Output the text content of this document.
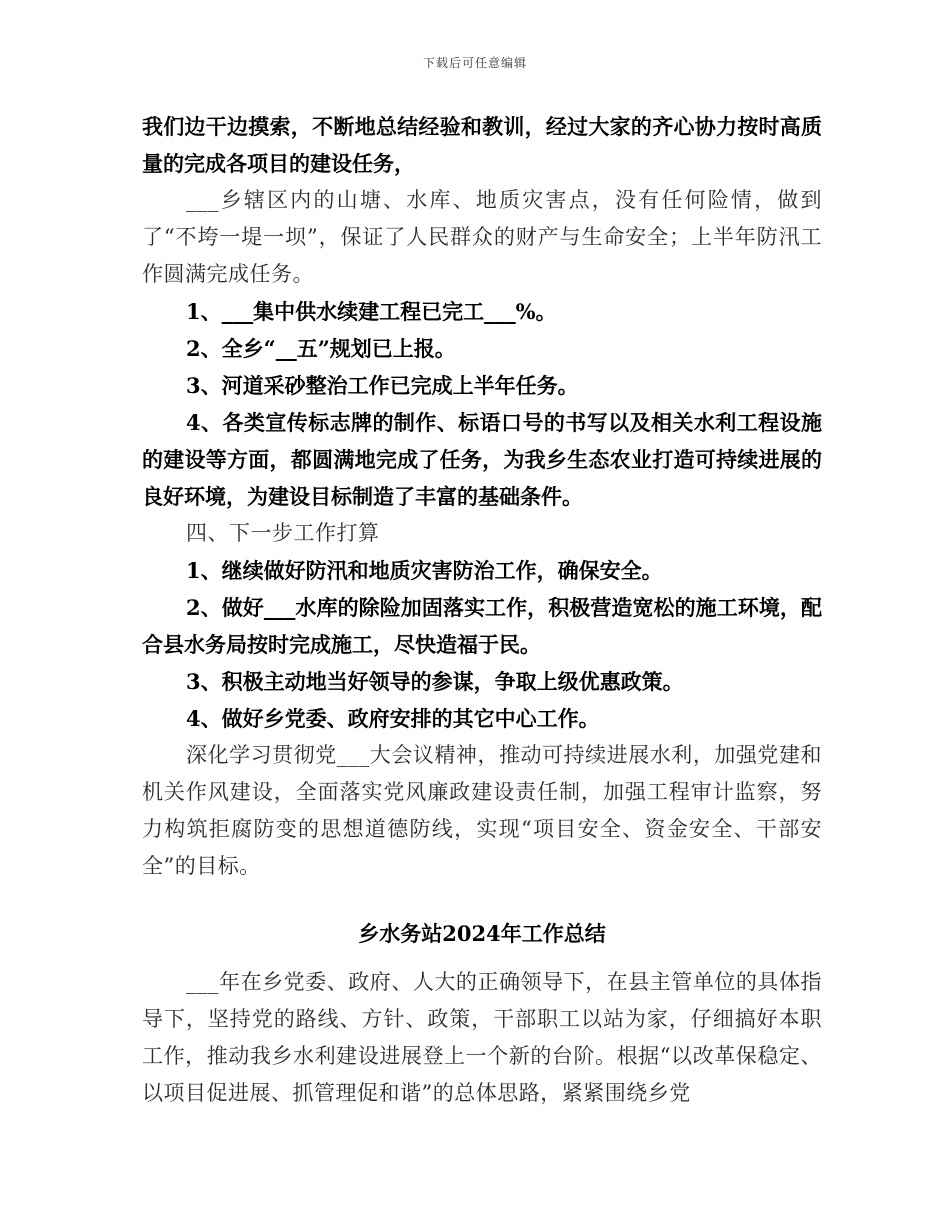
下载后可任意编辑

我们边干边摸索，不断地总结经验和教训，经过大家的齐心协力按时高质量的完成各项目的建设任务，

___乡辖区内的山塘、水库、地质灾害点，没有任何险情，做到了“不垮一堤一坝”，保证了人民群众的财产与生命安全；上半年防汛工作圆满完成任务。

1、___集中供水续建工程已完工___%。

2、全乡“__五”规划已上报。

3、河道采砂整治工作已完成上半年任务。

4、各类宣传标志牌的制作、标语口号的书写以及相关水利工程设施的建设等方面，都圆满地完成了任务，为我乡生态农业打造可持续进展的良好环境，为建设目标制造了丰富的基础条件。

四、下一步工作打算

1、继续做好防汛和地质灾害防治工作，确保安全。

2、做好___水库的除险加固落实工作，积极营造宽松的施工环境，配合县水务局按时完成施工，尽快造福于民。

3、积极主动地当好领导的参谋，争取上级优惠政策。

4、做好乡党委、政府安排的其它中心工作。

深化学习贯彻党___大会议精神，推动可持续进展水利，加强党建和机关作风建设，全面落实党风廉政建设责任制，加强工程审计监察，努力构筑拒腐防变的思想道德防线，实现“项目安全、资金安全、干部安全”的目标。

乡水务站2024年工作总结

___年在乡党委、政府、人大的正确领导下，在县主管单位的具体指导下，坚持党的路线、方针、政策，干部职工以站为家，仔细搞好本职工作，推动我乡水利建设进展登上一个新的台阶。根据“以改革保稳定、以项目促进展、抓管理促和谐”的总体思路，紧紧围绕乡党
